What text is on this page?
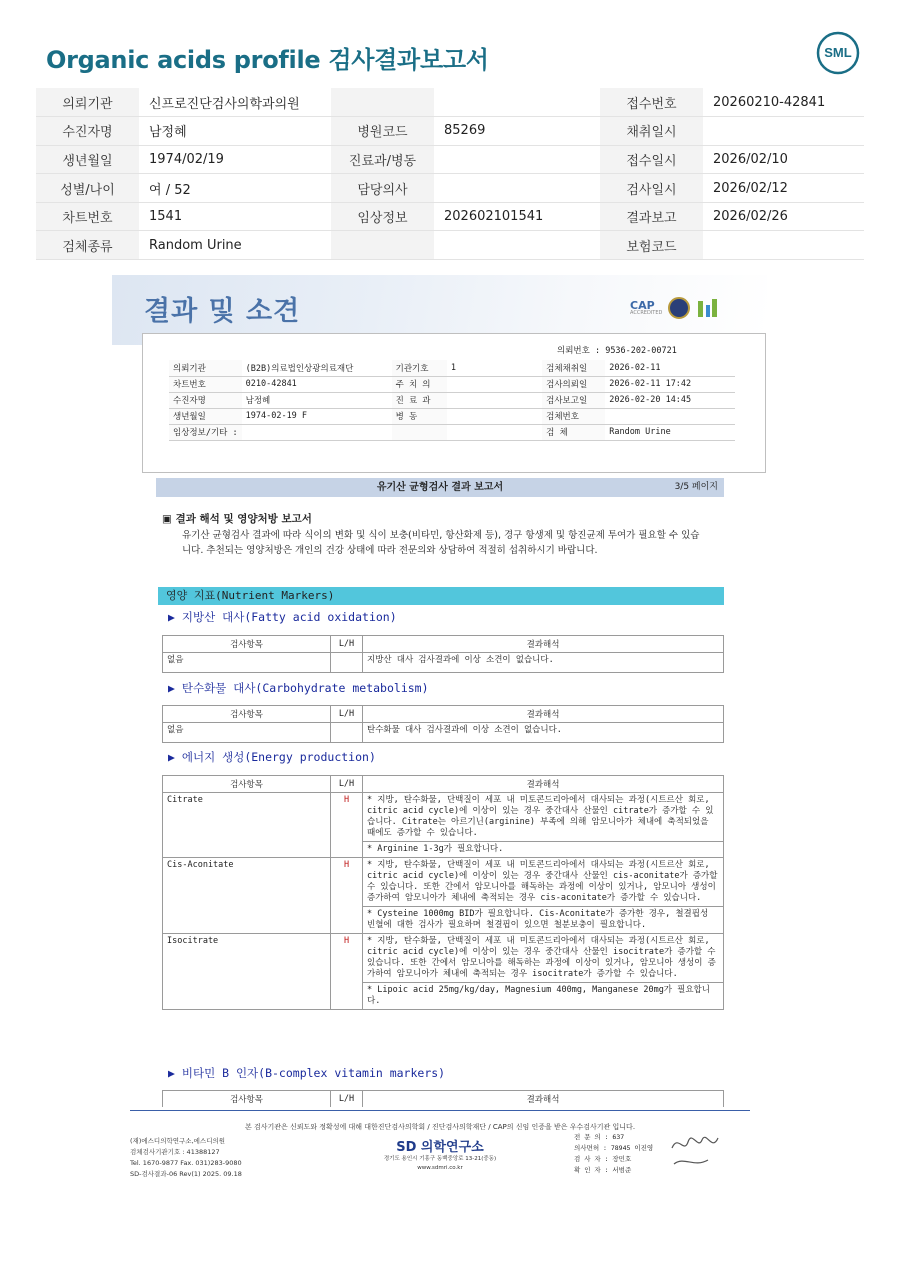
Organic acids profile 검사결과보고서	SML
의뢰기관	신프로진단검사의학과의원			접수번호	20260210-42841
수진자명	남정혜	병원코드	85269	채취일시	
생년월일	1974/02/19	진료과/병동		접수일시	2026/02/10
성별/나이	여 / 52	담당의사		검사일시	2026/02/12
차트번호	1541	임상정보	202602101541	결과보고	2026/02/26
검체종류	Random Urine			보험코드	
결과 및 소견	CAP
ACCREDITED
의뢰번호 : 9536-202-00721
의뢰기관	(B2B)의료법인상광의료재단	기관기호	1	검체채취일	2026-02-11
차트번호	0210-42841	주 치 의		검사의뢰일	2026-02-11 17:42
수진자명	남정혜	진 료 과		검사보고일	2026-02-20 14:45
생년월일	1974-02-19 F	병 동		검체번호	
임상정보/기타 :				검 체	Random Urine
유기산 균형검사 결과 보고서	3/5 페이지
▣ 결과 해석 및 영양처방 보고서
유기산 균형검사 결과에 따라 식이의 변화 및 식이 보충(비타민, 항산화제 등), 경구 항생제 및 항진균제 투여가 필요할 수 있습니다. 추천되는 영양처방은 개인의 건강 상태에 따라 전문의와 상담하여 적절히 섭취하시기 바랍니다.
영양 지표(Nutrient Markers)
▶ 지방산 대사(Fatty acid oxidation)
검사항목	L/H	결과해석
없음		지방산 대사 검사결과에 이상 소견이 없습니다.
▶ 탄수화물 대사(Carbohydrate metabolism)
검사항목	L/H	결과해석
없음		탄수화물 대사 검사결과에 이상 소견이 없습니다.
▶ 에너지 생성(Energy production)
검사항목	L/H	결과해석
Citrate	H	* 지방, 탄수화물, 단백질이 세포 내 미토콘드리아에서 대사되는 과정(시트르산 회로, citric acid cycle)에 이상이 있는 경우 중간대사 산물인 citrate가 증가할 수 있습니다. Citrate는 아르기닌(arginine) 부족에 의해 암모니아가 체내에 축적되었을 때에도 증가할 수 있습니다.
		* Arginine 1-3g가 필요합니다.
Cis-Aconitate	H	* 지방, 탄수화물, 단백질이 세포 내 미토콘드리아에서 대사되는 과정(시트르산 회로, citric acid cycle)에 이상이 있는 경우 중간대사 산물인 cis-aconitate가 증가할 수 있습니다. 또한 간에서 암모니아를 해독하는 과정에 이상이 있거나, 암모니아 생성이 증가하여 암모니아가 체내에 축적되는 경우 cis-aconitate가 증가할 수 있습니다.
		* Cysteine 1000mg BID가 필요합니다. Cis-Aconitate가 증가한 경우, 철결핍성 빈혈에 대한 검사가 필요하며 철결핍이 있으면 철분보충이 필요합니다.
Isocitrate	H	* 지방, 탄수화물, 단백질이 세포 내 미토콘드리아에서 대사되는 과정(시트르산 회로, citric acid cycle)에 이상이 있는 경우 중간대사 산물인 isocitrate가 증가할 수 있습니다. 또한 간에서 암모니아를 해독하는 과정에 이상이 있거나, 암모니아 생성이 증가하여 암모니아가 체내에 축적되는 경우 isocitrate가 증가할 수 있습니다.
		* Lipoic acid 25mg/kg/day, Magnesium 400mg, Manganese 20mg가 필요합니다.
▶ 비타민 B 인자(B-complex vitamin markers)
검사항목	L/H	결과해석
본 검사기관은 신뢰도와 정확성에 대해 대한진단검사의학회 / 진단검사의학재단 / CAP의 신임 인증을 받은 우수검사기관 입니다.
(재)에스디의학연구소,에스디의원
검체검사기관기호 : 41388127
Tel. 1670-9877 Fax. 031)283-9080
SD-검사결과-06 Rev(1) 2025. 09.18
SD 의학연구소
경기도 용인시 기흥구 동백중앙로 13-21(중동)
www.sdmri.co.kr
전 문 의 : 637
의사면허 : 78945 이진영
검 사 자 : 장민호
확 인 자 : 서범준
